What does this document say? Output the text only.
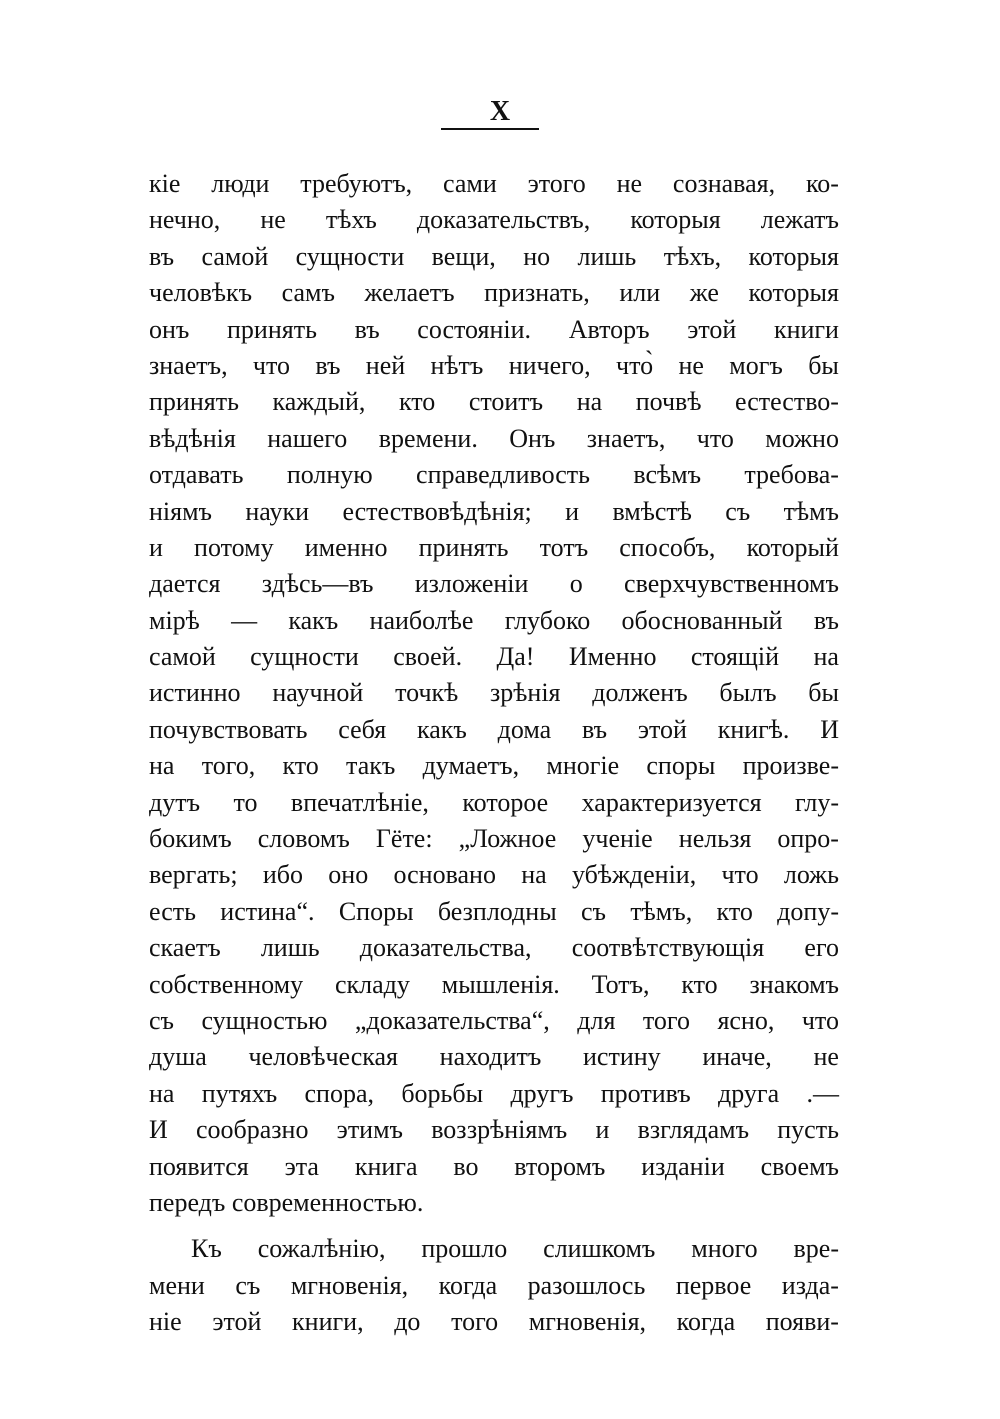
X
кіе люди требуютъ, сами этого не сознавая, ко-
нечно, не тѣхъ доказательствъ, которыя лежатъ
въ самой сущности вещи, но лишь тѣхъ, которыя
человѣкъ самъ желаетъ признать, или же которыя
онъ принять въ состояніи. Авторъ этой книги
знаетъ, что въ ней нѣтъ ничего, что̀ не могъ бы
принять каждый, кто стоитъ на почвѣ естество-
вѣдѣнія нашего времени. Онъ знаетъ, что можно
отдавать полную справедливость всѣмъ требова-
ніямъ науки естествовѣдѣнія; и вмѣстѣ съ тѣмъ
и потому именно принять тотъ способъ, который
дается здѣсь—въ изложеніи о сверхчувственномъ
мірѣ — какъ наиболѣе глубоко обоснованный въ
самой сущности своей. Да! Именно стоящій на
истинно научной точкѣ зрѣнія долженъ былъ бы
почувствовать себя какъ дома въ этой книгѣ. И
на того, кто такъ думаетъ, многіе споры произве-
дутъ то впечатлѣніе, которое характеризуется глу-
бокимъ словомъ Гёте: „Ложное ученіе нельзя опро-
вергать; ибо оно основано на убѣжденіи, что ложь
есть истина“. Споры безплодны съ тѣмъ, кто допу-
скаетъ лишь доказательства, соотвѣтствующія его
собственному складу мышленія. Тотъ, кто знакомъ
съ сущностью „доказательства“, для того ясно, что
душа человѣческая находитъ истину иначе, не
на путяхъ спора, борьбы другъ противъ друга .—
И сообразно этимъ воззрѣніямъ и взглядамъ пусть
появится эта книга во второмъ изданіи своемъ
передъ современностью.
Къ сожалѣнію, прошло слишкомъ много вре-
мени съ мгновенія, когда разошлось первое изда-
ніе этой книги, до того мгновенія, когда появи-
